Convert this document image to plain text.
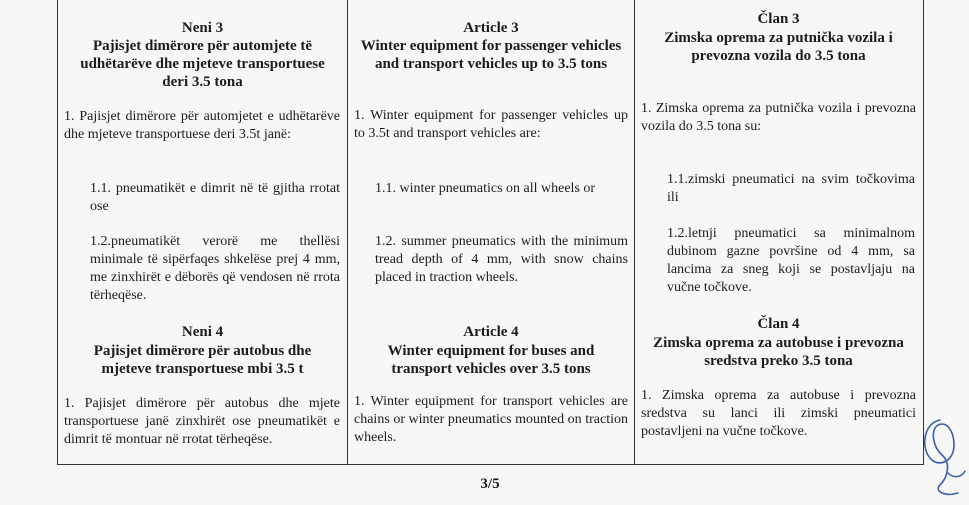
Neni 3
Pajisjet dimërore për automjete të udhëtarëve dhe mjeteve transportuese deri 3.5 tona
1. Pajisjet dimërore për automjetet e udhëtarëve dhe mjeteve transportuese deri 3.5t janë:
1.1. pneumatikët e dimrit në të gjitha rrotat ose
1.2.pneumatikët verorë me thellësi minimale të sipërfaqes shkelëse prej 4 mm, me zinxhirët e dëborës që vendosen në rrota tërheqëse.
Neni 4
Pajisjet dimërore për autobus dhe mjeteve transportuese mbi 3.5 t
1. Pajisjet dimërore për autobus dhe mjete transportuese janë zinxhirët ose pneumatikët e dimrit të montuar në rrotat tërheqëse.
Article 3
Winter equipment for passenger vehicles and transport vehicles up to 3.5 tons
1. Winter equipment for passenger vehicles up to 3.5t and transport vehicles are:
1.1. winter pneumatics on all wheels or
1.2. summer pneumatics with the minimum tread depth of 4 mm, with snow chains placed in traction wheels.
Article 4
Winter equipment for buses and transport vehicles over 3.5 tons
1. Winter equipment for transport vehicles are chains or winter pneumatics mounted on traction wheels.
Član 3
Zimska oprema za putnička vozila i prevozna vozila do 3.5 tona
1. Zimska oprema za putnička vozila i prevozna vozila do 3.5 tona su:
1.1.zimski pneumatici na svim točkovima ili
1.2.letnji pneumatici sa minimalnom dubinom gazne površine od 4 mm, sa lancima za sneg koji se postavljaju na vučne točkove.
Član 4
Zimska oprema za autobuse i prevozna sredstva preko 3.5 tona
1. Zimska oprema za autobuse i prevozna sredstva su lanci ili zimski pneumatici postavljeni na vučne točkove.
3/5
